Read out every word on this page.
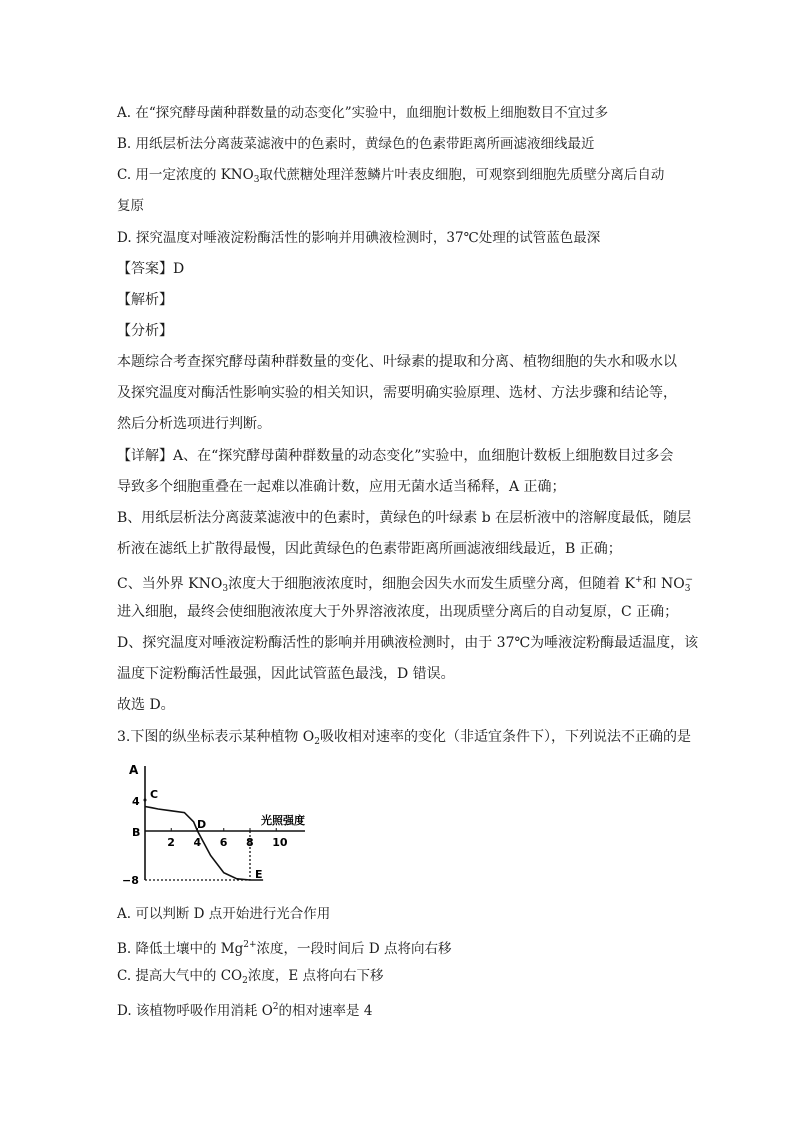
A. 在“探究酵母菌种群数量的动态变化”实验中，血细胞计数板上细胞数目不宜过多
B. 用纸层析法分离菠菜滤液中的色素时，黄绿色的色素带距离所画滤液细线最近
C. 用一定浓度的 $KNO_3$取代蔗糖处理洋葱鳞片叶表皮细胞，可观察到细胞先质壁分离后自动
复原
D. 探究温度对唾液淀粉酶活性的影响并用碘液检测时，37℃处理的试管蓝色最深
【答案】D
【解析】
【分析】
本题综合考查探究酵母菌种群数量的变化、叶绿素的提取和分离、植物细胞的失水和吸水以
及探究温度对酶活性影响实验的相关知识，需要明确实验原理、选材、方法步骤和结论等，
然后分析选项进行判断。
【详解】A、在“探究酵母菌种群数量的动态变化”实验中，血细胞计数板上细胞数目过多会
导致多个细胞重叠在一起难以准确计数，应用无菌水适当稀释，A 正确；
B、用纸层析法分离菠菜滤液中的色素时，黄绿色的叶绿素 b 在层析液中的溶解度最低，随层
析液在滤纸上扩散得最慢，因此黄绿色的色素带距离所画滤液细线最近，B 正确；
C、当外界 $KNO_3$浓度大于细胞液浓度时，细胞会因失水而发生质壁分离，但随着 K+和 $NO_3^-$
进入细胞，最终会使细胞液浓度大于外界溶液浓度，出现质壁分离后的自动复原，C 正确；
D、探究温度对唾液淀粉酶活性的影响并用碘液检测时，由于 37℃为唾液淀粉酶最适温度，该
温度下淀粉酶活性最强，因此试管蓝色最浅，D 错误。
故选 D。
3.下图的纵坐标表示某种植物 $O_2$吸收相对速率的变化（非适宜条件下），下列说法不正确的是
A
光照强度
4
B
−8
2 4 6 8 10
C
D
E
A. 可以判断 D 点开始进行光合作用
B. 降低土壤中的 $Mg^{2+}$浓度，一段时间后 D 点将向右移
C. 提高大气中的 $CO_2$浓度，E 点将向右下移
D. 该植物呼吸作用消耗 $O^2$的相对速率是 4
